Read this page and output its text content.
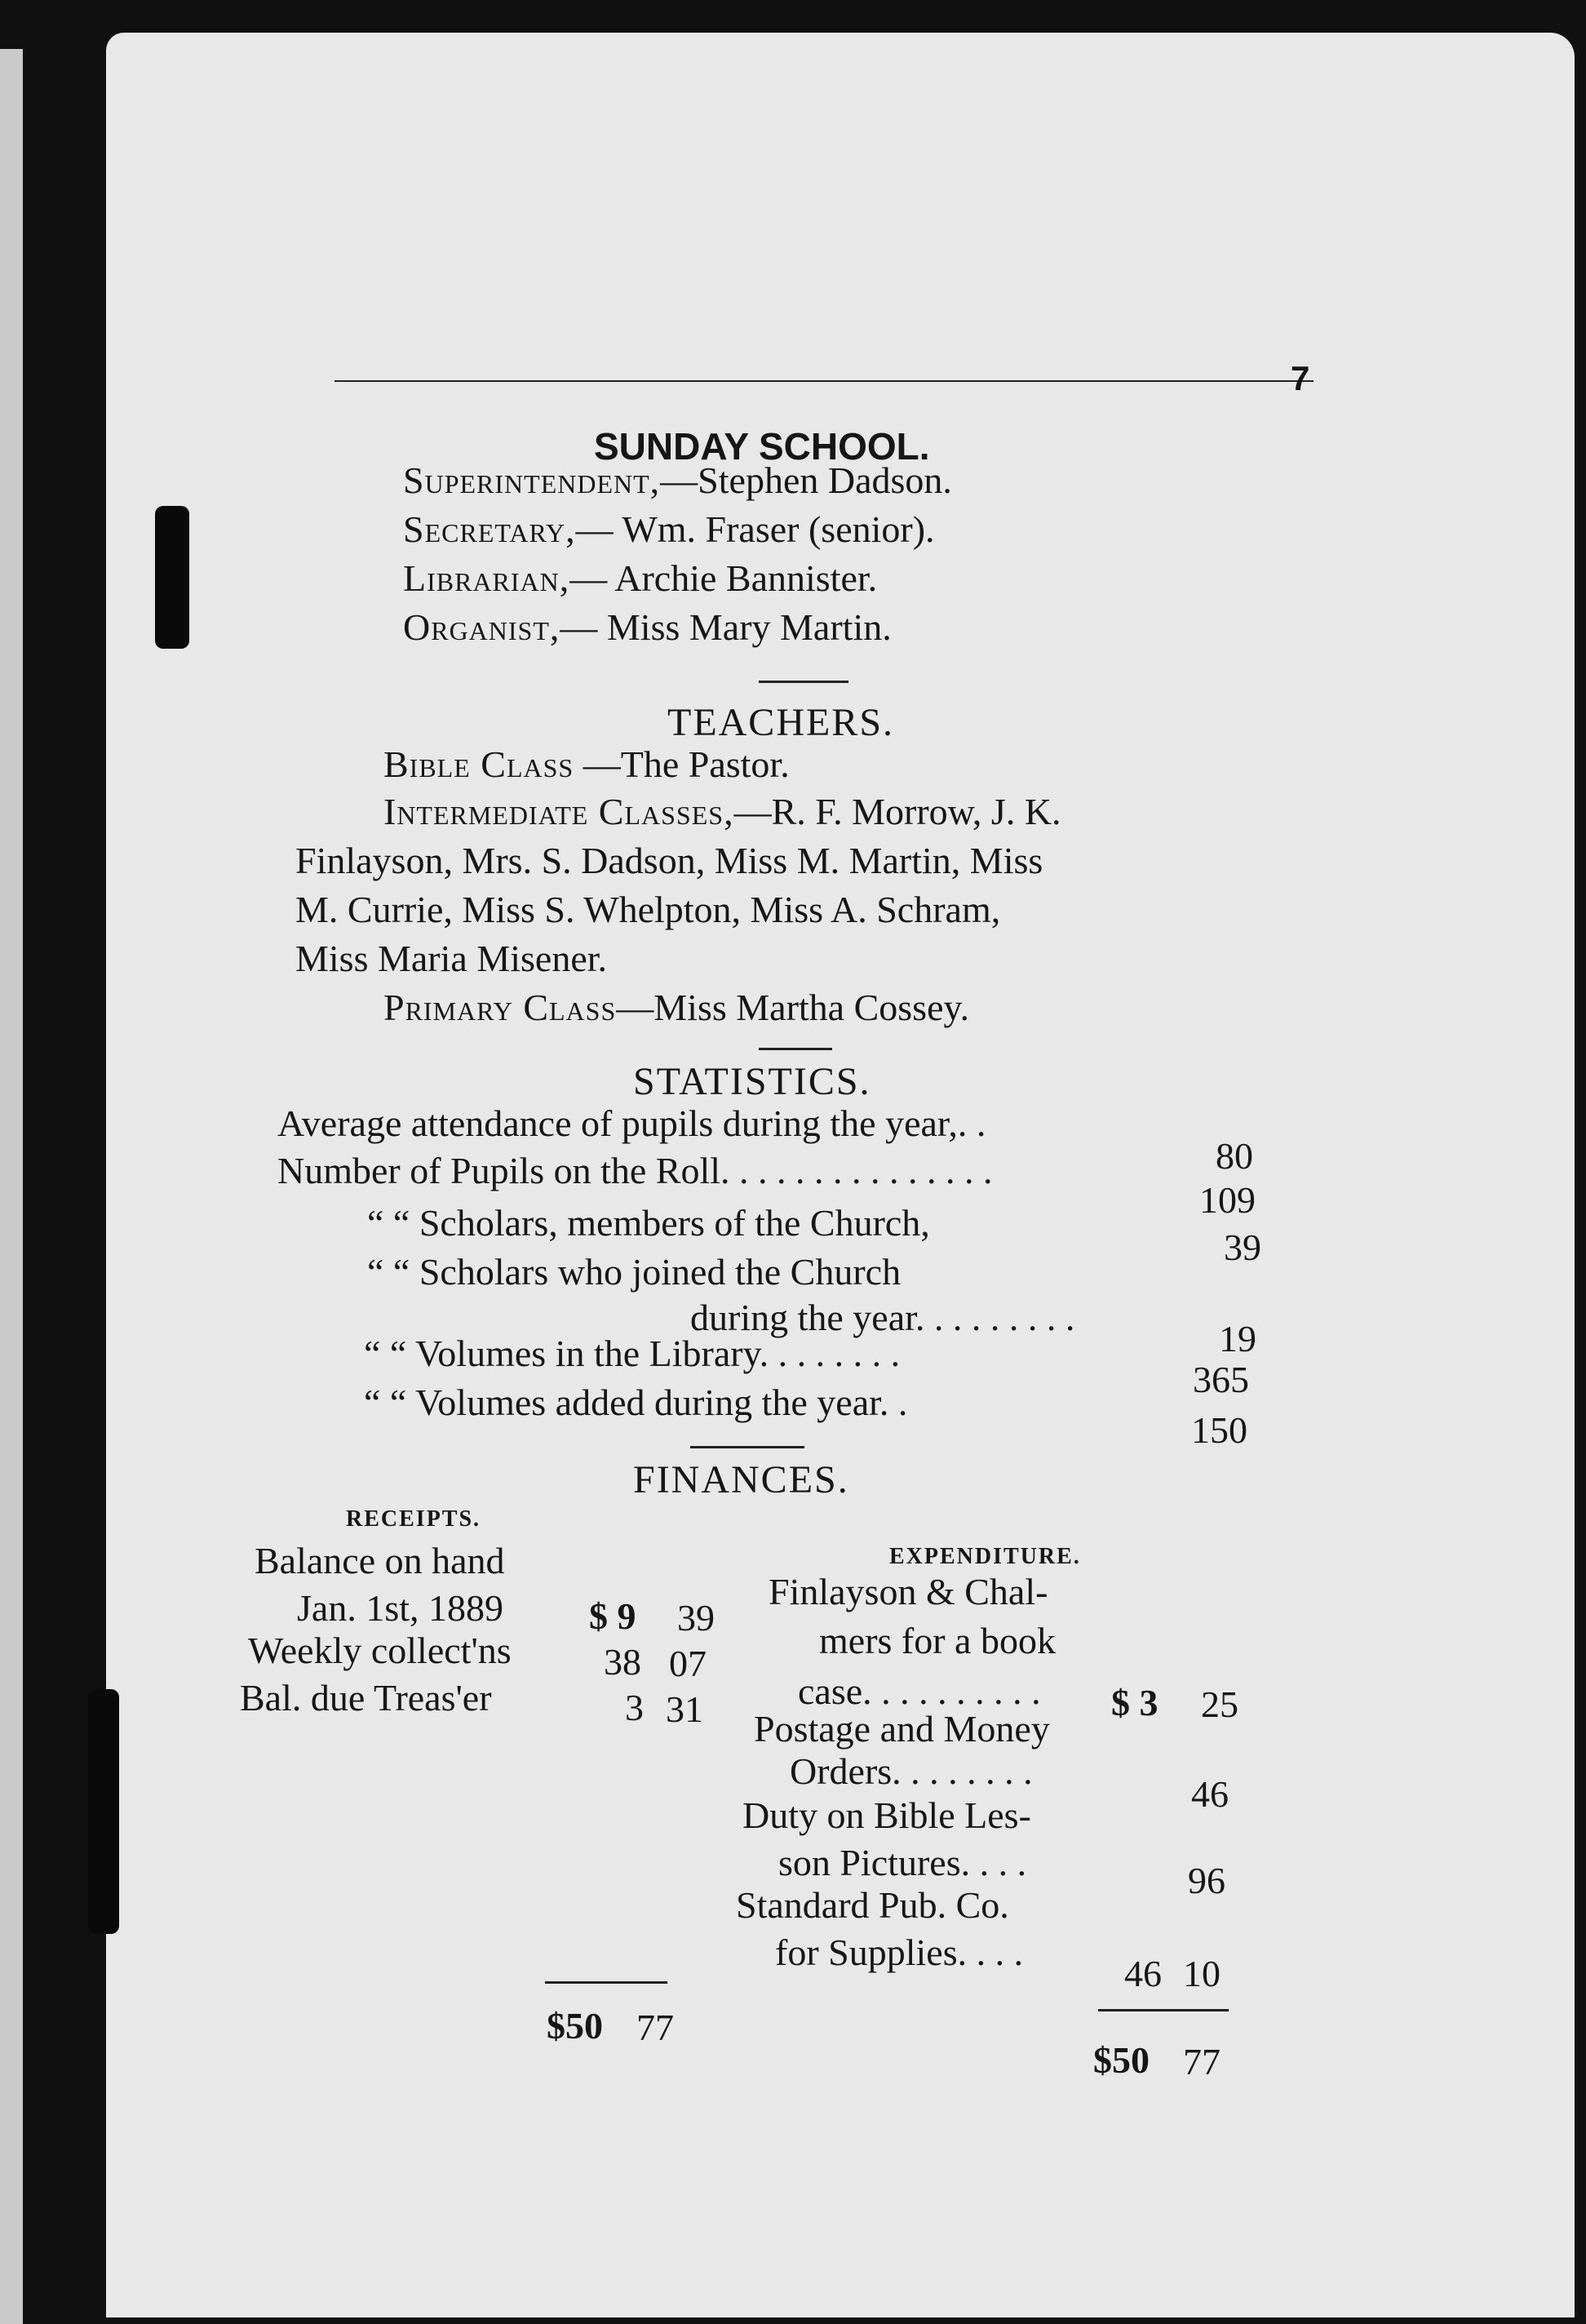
7
SUNDAY SCHOOL.
Superintendent,—Stephen Dadson.
Secretary,— Wm. Fraser (senior).
Librarian,— Archie Bannister.
Organist,— Miss Mary Martin.
TEACHERS.
Bible Class —The Pastor.
Intermediate Classes,—R. F. Morrow, J. K.
Finlayson, Mrs. S. Dadson, Miss M. Martin, Miss
M. Currie, Miss S. Whelpton, Miss A. Schram,
Miss Maria Misener.
Primary Class—Miss Martha Cossey.
STATISTICS.
Average attendance of pupils during the year,. .
80
Number of Pupils on the Roll. . . . . . . . . . . . . . .
109
“ “ Scholars, members of the Church,
39
“ “ Scholars who joined the Church
during the year. . . . . . . . .
19
“ “ Volumes in the Library. . . . . . . .
365
“ “ Volumes added during the year. .
150
FINANCES.
RECEIPTS.
EXPENDITURE.
Balance on hand
Jan. 1st, 1889 $ 9 39
Weekly collect'ns 38 07
Bal. due Treas'er	3 31
$50 77
Finlayson & Chal-
mers for a book
case. . . . . . . . . . $ 3 25
Postage and Money
Orders. . . . . . . .
46
Duty on Bible Les-
son Pictures. . . .	96
Standard Pub. Co.
for Supplies. . . .
46 10
$50 77
